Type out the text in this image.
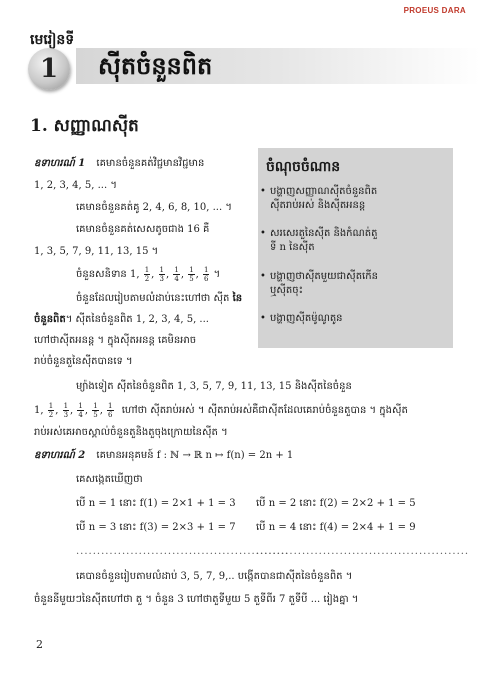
PROEUS DARA
មេរៀនទី
1	ស៊ីតចំនួនពិត
1. សញ្ញាណស៊ីត
ចំណុចចំណាន
• បង្ហាញសញ្ញាណស៊ីតចំនួនពិត
ស៊ីតរាប់អស់ និងស៊ីតអនន្ត
• សរសេរតួនៃស៊ីត និងកំណត់តួ
ទី n នៃស៊ីត
• បង្ហាញថាស៊ីតមួយជាស៊ីតកើន
ឬស៊ីតចុះ
• បង្ហាញស៊ីតម៉ូណូតូន
ឧទាហរណ៍ 1 គេមានចំនួនគត់វិជ្ជមានវិជ្ជមាន
1, 2, 3, 4, 5, ... ។
គេមានចំនួនគត់គូ 2, 4, 6, 8, 10, ... ។
គេមានចំនួនគត់សេសតូចជាង 16 គឺ
1, 3, 5, 7, 9, 11, 13, 15 ។
ចំនួនសនិទាន 1, $\frac{1}{2}$ , $\frac{1}{3}$ , $\frac{1}{4}$ , $\frac{1}{5}$ , $\frac{1}{6}$ ។
ចំនួនដែលរៀបតាមលំដាប់នេះហៅថា ស៊ីត នៃ
ចំនួនពិត។ ស៊ីតនៃចំនួនពិត 1, 2, 3, 4, 5, ...
ហៅថាស៊ីតអនន្ត ។ ក្នុងស៊ីតអនន្ត គេមិនអាច
រាប់ចំនួនតួនៃស៊ីតបានទេ ។
ម្យ៉ាងទៀត ស៊ីតនៃចំនួនពិត 1, 3, 5, 7, 9, 11, 13, 15 និងស៊ីតនៃចំនួន
1, $\frac{1}{2}$ , $\frac{1}{3}$ , $\frac{1}{4}$ , $\frac{1}{5}$ , $\frac{1}{6}$ ហៅថា ស៊ីតរាប់អស់ ។ ស៊ីតរាប់អស់គឺជាស៊ីតដែលគេរាប់ចំនួនតួបាន ។ ក្នុងស៊ីត
រាប់អស់គេអាចស្គាល់ចំនួនតួនិងតួចុងក្រោយនៃស៊ីត ។
ឧទាហរណ៍ 2 គេមានអនុគមន៍ f : ℕ → ℝ n ↦ f(n) = 2n + 1
គេសង្កេតឃើញថា
បើ n = 1 នោះ f(1) = 2×1 + 1 = 3 បើ n = 2 នោះ f(2) = 2×2 + 1 = 5
បើ n = 3 នោះ f(3) = 2×3 + 1 = 7 បើ n = 4 នោះ f(4) = 2×4 + 1 = 9
...................................................
...................................................
គេបានចំនួនរៀបតាមលំដាប់ 3, 5, 7, 9,.. បង្កើតបានជាស៊ីតនៃចំនួនពិត ។
ចំនួននីមួយៗនៃស៊ីតហៅថា តួ ។ ចំនួន 3 ហៅថាតួទីមួយ 5 តួទីពីរ 7 តួទីបី ... រៀងគ្នា ។
2
